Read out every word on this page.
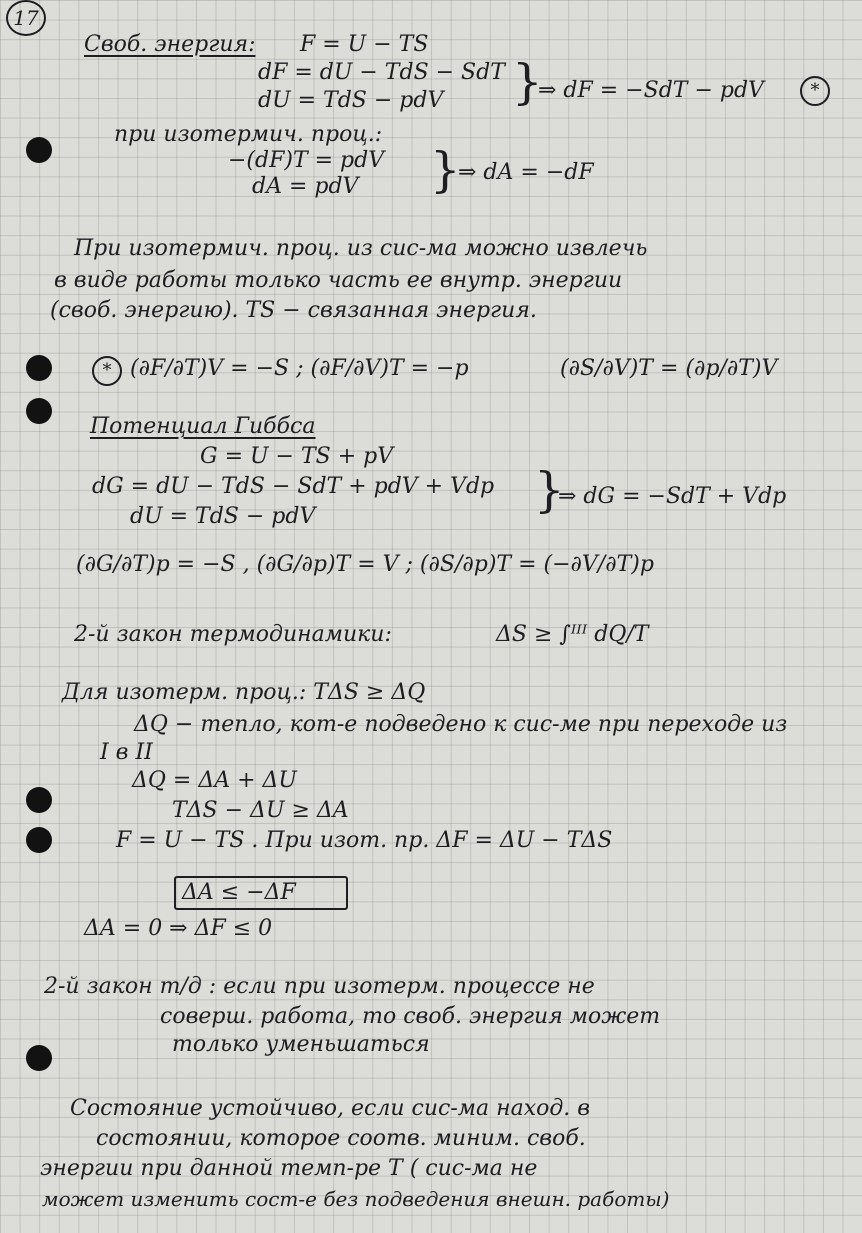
17
Своб. энергия: F = U − TS
dF = dU − TdS − SdT
dU = TdS − pdV }
⇒ dF = −SdT − pdV	*
при изотермич. проц.:
−(dF)T = pdV
dA = pdV }
⇒ dA = −dF
При изотермич. проц. из сис-ма можно извлечь
в виде работы только часть ее внутр. энергии
(своб. энергию). TS − связанная энергия.
* (∂F/∂T)V = −S ; (∂F/∂V)T = −p	(∂S/∂V)T = (∂p/∂T)V
Потенциал Гиббса
G = U − TS + pV
dG = dU − TdS − SdT + pdV + Vdp }
⇒ dG = −SdT + Vdp
dU = TdS − pdV
(∂G/∂T)p = −S , (∂G/∂p)T = V ; (∂S/∂p)T = (−∂V/∂T)p
2-й закон термодинамики:	ΔS ≥ ∫ᴵᴵᴵ dQ/T
Для изотерм. проц.: TΔS ≥ ΔQ
ΔQ − тепло, кот-е подведено к сис-ме при переходе из
I в II
ΔQ = ΔA + ΔU
TΔS − ΔU ≥ ΔA
F = U − TS . При изот. пр. ΔF = ΔU − TΔS
ΔA ≤ −ΔF
ΔA = 0 ⇒ ΔF ≤ 0
2-й закон т/д : если при изотерм. процессе не
соверш. работа, то своб. энергия может
только уменьшаться
Состояние устойчиво, если сис-ма наход. в
состоянии, которое соотв. миним. своб.
энергии при данной темп-ре T ( сис-ма не
может изменить сост-е без подведения внешн. работы)
